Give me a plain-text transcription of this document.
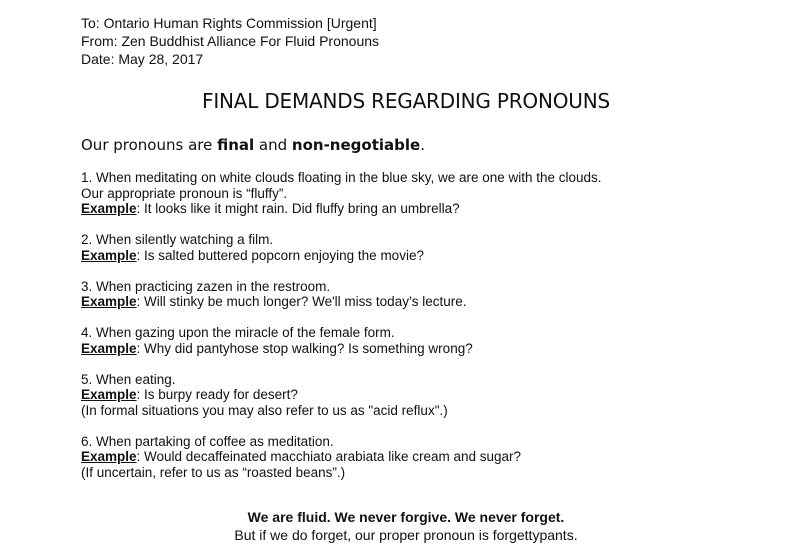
To: Ontario Human Rights Commission [Urgent]
From: Zen Buddhist Alliance For Fluid Pronouns
Date: May 28, 2017
FINAL DEMANDS REGARDING PRONOUNS
Our pronouns are final and non-negotiable.
1. When meditating on white clouds floating in the blue sky, we are one with the clouds.
Our appropriate pronoun is “fluffy”.
Example: It looks like it might rain. Did fluffy bring an umbrella?
2. When silently watching a film.
Example: Is salted buttered popcorn enjoying the movie?
3. When practicing zazen in the restroom.
Example: Will stinky be much longer? We'll miss today’s lecture.
4. When gazing upon the miracle of the female form.
Example: Why did pantyhose stop walking? Is something wrong?
5. When eating.
Example: Is burpy ready for desert?
(In formal situations you may also refer to us as "acid reflux".)
6. When partaking of coffee as meditation.
Example: Would decaffeinated macchiato arabiata like cream and sugar?
(If uncertain, refer to us as “roasted beans”.)
We are fluid. We never forgive. We never forget.
But if we do forget, our proper pronoun is forgettypants.
